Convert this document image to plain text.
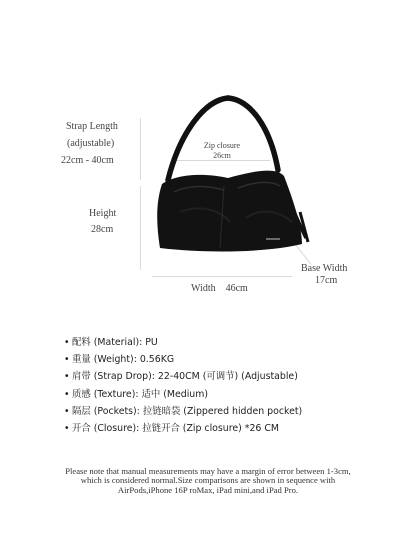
Strap Length
(adjustable)
22cm - 40cm
Zip closure
26cm
Height
28cm
Width    46cm
Base Width
17cm
• 配料 (Material): PU
• 重量 (Weight): 0.56KG
• 肩带 (Strap Drop): 22-40CM (可调节) (Adjustable)
• 质感 (Texture): 适中 (Medium)
• 隔层 (Pockets): 拉链暗袋 (Zippered hidden pocket)
• 开合 (Closure): 拉链开合 (Zip closure) *26 CM
Please note that manual measurements may have a margin of error between 1-3cm,
which is considered normal.Size comparisons are shown in sequence with
AirPods,iPhone 16P roMax, iPad mini,and iPad Pro.
